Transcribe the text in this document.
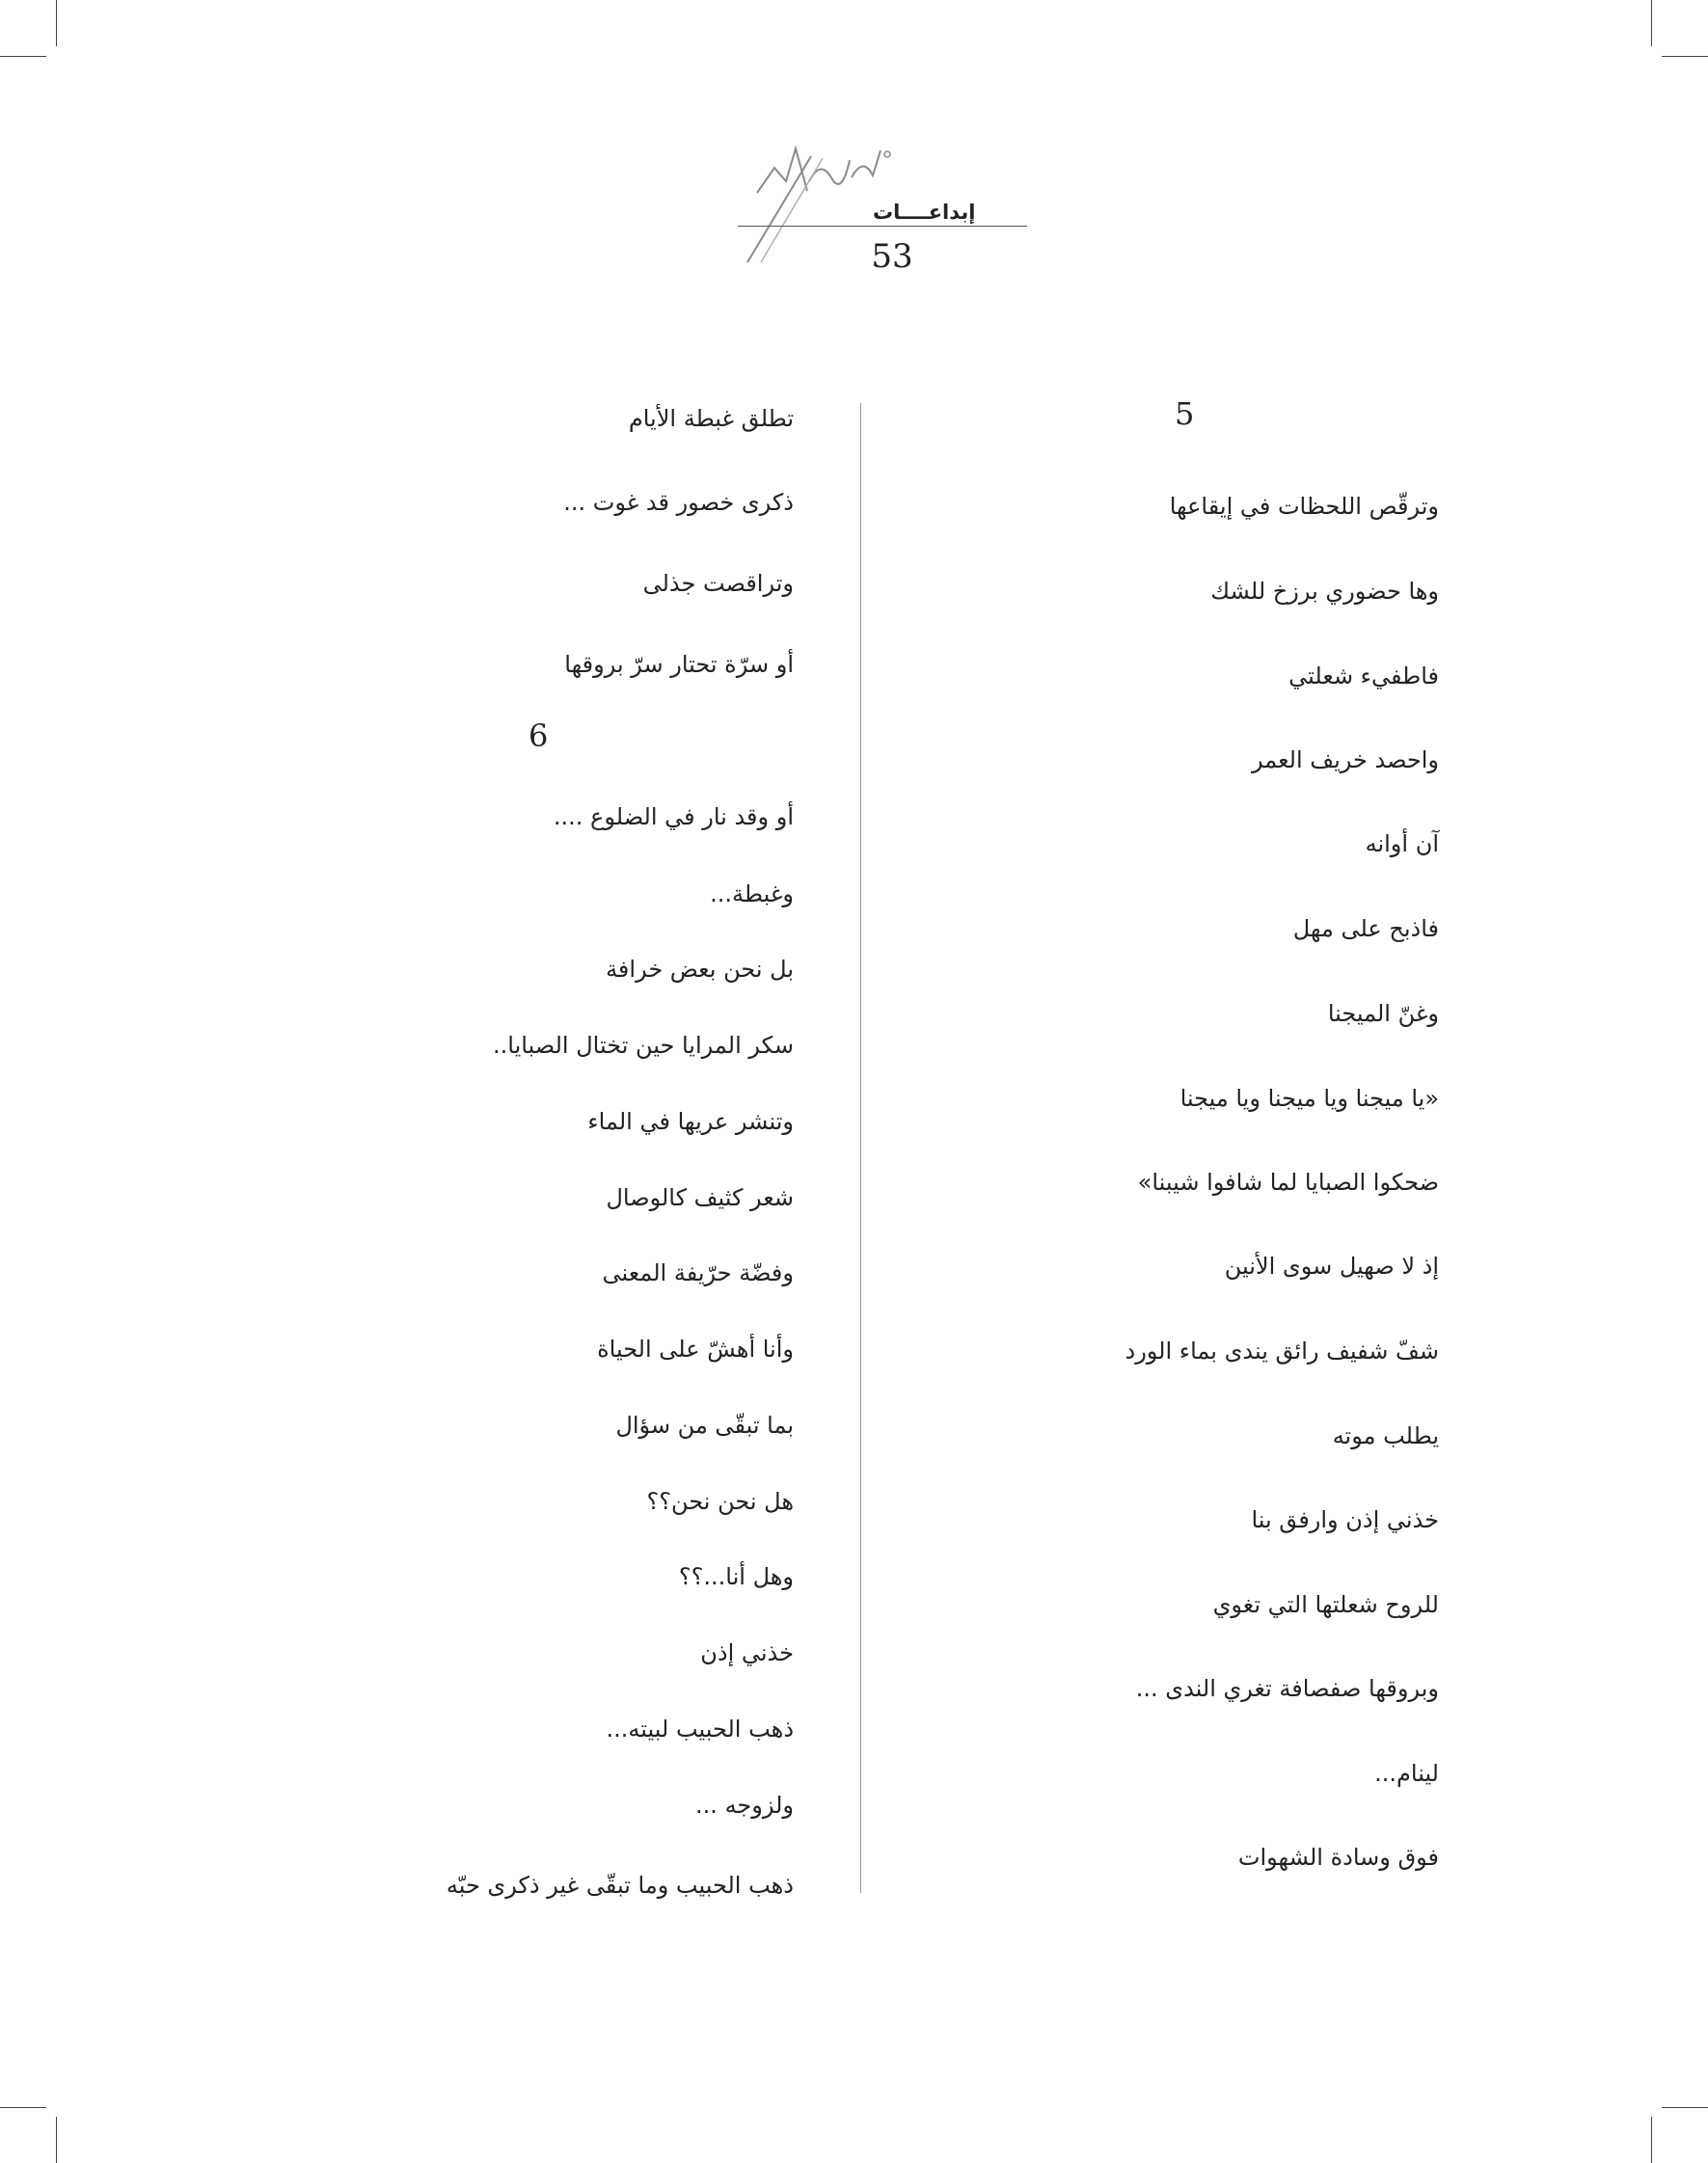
إبداعــــات
53
5
وترقّص اللحظات في إيقاعها
وها حضوري برزخ للشك
فاطفيء شعلتي
واحصد خريف العمر
آن أوانه
فاذبح على مهل
وغنّ الميجنا
«يا ميجنا ويا ميجنا ويا ميجنا
ضحكوا الصبايا لما شافوا شيبنا»
إذ لا صهيل سوى الأنين
شفّ شفيف رائق يندى بماء الورد
يطلب موته
خذني إذن وارفق بنا
للروح شعلتها التي تغوي
وبروقها صفصافة تغري الندى ...
لينام...
فوق وسادة الشهوات
تطلق غبطة الأيام
ذكرى خصور قد غوت ...
وتراقصت جذلى
أو سرّة تحتار سرّ بروقها
6
أو وقد نار في الضلوع ....
وغبطة...
بل نحن بعض خرافة
سكر المرايا حين تختال الصبايا..
وتنشر عريها في الماء
شعر كثيف كالوصال
وفضّة حرّيفة المعنى
وأنا أهشّ على الحياة
بما تبقّى من سؤال
هل نحن نحن؟؟
وهل أنا...؟؟
خذني إذن
ذهب الحبيب لبيته...
ولزوجه ...
ذهب الحبيب وما تبقّى غير ذكرى حبّه
